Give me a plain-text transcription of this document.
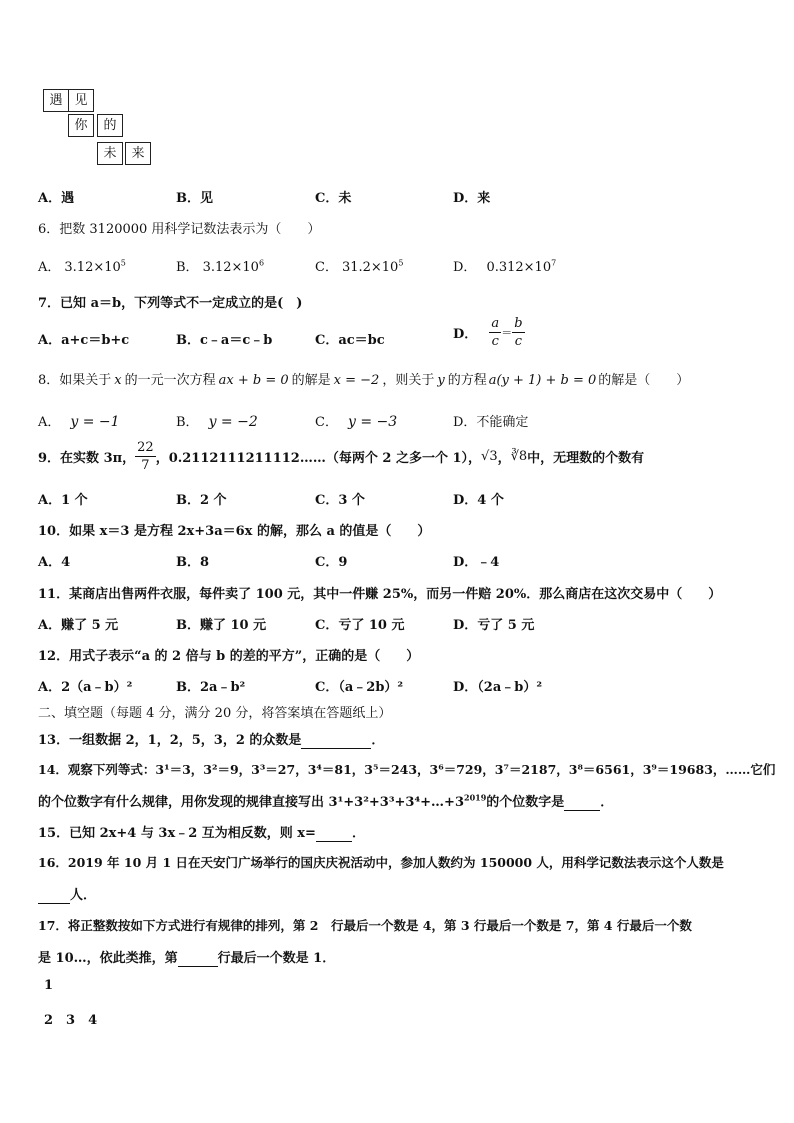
遇 见
你	的
未	来
A．遇	B．见	C．未	D．来
6．把数 3120000 用科学记数法表示为（　　）
A． $3.12\times 10^5$	B． $3.12\times 10^6$	C． $31.2\times 10^5$	D． $0.312\times 10^7$
7．已知 a＝b，下列等式不一定成立的是(　)
A．a+c＝b+c	B．c﹣a＝c﹣b	C．ac＝bc	D． $\frac{a}{c} = \frac{b}{c}$
8．如果关于 x 的一元一次方程 ax + b = 0 的解是 x = −2 ，则关于 y 的方程 a(y + 1) + b = 0 的解是（　　）
A． y = −1	B． y = −2	C． y = −3	D．不能确定
9．在实数 3π， $\frac{22}{7}$ ，0.2112111211112……（每两个 2 之多一个 1），√3，∛8中，无理数的个数有
A．1 个	B．2 个	C．3 个	D．4 个
10．如果 x＝3 是方程 2x+3a＝6x 的解，那么 a 的值是（　　）
A．4	B．8	C．9	D．﹣4
11．某商店出售两件衣服，每件卖了 100 元，其中一件赚 25%，而另一件赔 20%．那么商店在这次交易中（　　）
A．赚了 5 元	B．赚了 10 元	C．亏了 10 元	D．亏了 5 元
12．用式子表示“a 的 2 倍与 b 的差的平方”，正确的是（　　）
A．2（a﹣b）²	B．2a﹣b²	C．（a﹣2b）²	D．（2a﹣b）²
二、填空题（每题 4 分，满分 20 分，将答案填在答题纸上）
13．一组数据 2，1，2，5，3，2 的众数是	．
14．观察下列等式：3¹＝3，3²＝9，3³＝27，3⁴＝81，3⁵＝243，3⁶＝729，3⁷＝2187，3⁸＝6561，3⁹＝19683，……它们
的个位数字有什么规律，用你发现的规律直接写出 $3^1+3^2+3^3+3^4+\dots+3^{2019}$的个位数字是	．
15．已知 2x+4 与 3x﹣2 互为相反数，则 x=	．
16．2019 年 10 月 1 日在天安门广场举行的国庆庆祝活动中，参加人数约为 150000 人，用科学记数法表示这个人数是
人．
17．将正整数按如下方式进行有规律的排列，第 2　行最后一个数是 4，第 3 行最后一个数是 7，第 4 行最后一个数
是 10…，依此类推，第	行最后一个数是 1．
1
2　3　4
